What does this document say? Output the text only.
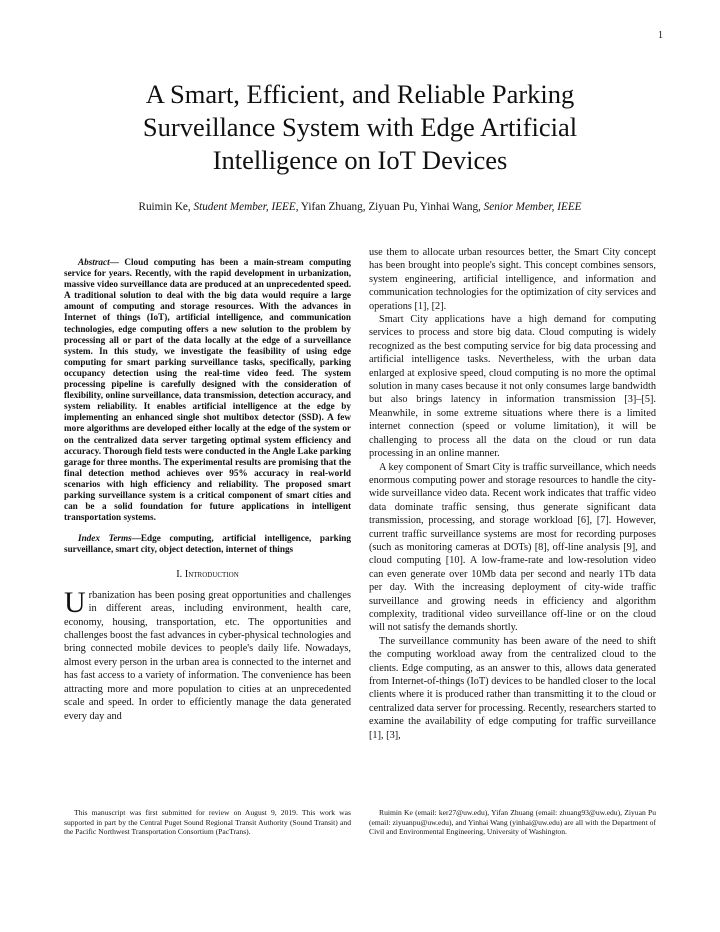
1
A Smart, Efficient, and Reliable Parking Surveillance System with Edge Artificial Intelligence on IoT Devices
Ruimin Ke, Student Member, IEEE, Yifan Zhuang, Ziyuan Pu, Yinhai Wang, Senior Member, IEEE

Abstract— Cloud computing has been a main-stream computing service for years. Recently, with the rapid development in urbanization, massive video surveillance data are produced at an unprecedented speed. A traditional solution to deal with the big data would require a large amount of computing and storage resources. With the advances in Internet of things (IoT), artificial intelligence, and communication technologies, edge computing offers a new solution to the problem by processing all or part of the data locally at the edge of a surveillance system. In this study, we investigate the feasibility of using edge computing for smart parking surveillance tasks, specifically, parking occupancy detection using the real-time video feed. The system processing pipeline is carefully designed with the consideration of flexibility, online surveillance, data transmission, detection accuracy, and system reliability. It enables artificial intelligence at the edge by implementing an enhanced single shot multibox detector (SSD). A few more algorithms are developed either locally at the edge of the system or on the centralized data server targeting optimal system efficiency and accuracy. Thorough field tests were conducted in the Angle Lake parking garage for three months. The experimental results are promising that the final detection method achieves over 95% accuracy in real-world scenarios with high efficiency and reliability. The proposed smart parking surveillance system is a critical component of smart cities and can be a solid foundation for future applications in intelligent transportation systems.

Index Terms—Edge computing, artificial intelligence, parking surveillance, smart city, object detection, internet of things

I. Introduction

Urbanization has been posing great opportunities and challenges in different areas, including environment, health care, economy, housing, transportation, etc. The opportunities and challenges boost the fast advances in cyber-physical technologies and bring connected mobile devices to people's daily life. Nowadays, almost every person in the urban area is connected to the internet and has fast access to a variety of information. The convenience has been attracting more and more population to cities at an unprecedented scale and speed. In order to efficiently manage the data generated every day and

use them to allocate urban resources better, the Smart City concept has been brought into people's sight. This concept combines sensors, system engineering, artificial intelligence, and information and communication technologies for the optimization of city services and operations [1], [2].

Smart City applications have a high demand for computing services to process and store big data. Cloud computing is widely recognized as the best computing service for big data processing and artificial intelligence tasks. Nevertheless, with the urban data enlarged at explosive speed, cloud computing is no more the optimal solution in many cases because it not only consumes large bandwidth but also brings latency in information transmission [3]–[5]. Meanwhile, in some extreme situations where there is a limited internet connection (speed or volume limitation), it will be challenging to process all the data on the cloud or run data processing in an online manner.

A key component of Smart City is traffic surveillance, which needs enormous computing power and storage resources to handle the city-wide surveillance video data. Recent work indicates that traffic video data dominate traffic sensing, thus generate significant data transmission, processing, and storage workload [6], [7]. However, current traffic surveillance systems are most for recording purposes (such as monitoring cameras at DOTs) [8], off-line analysis [9], and cloud computing [10]. A low-frame-rate and low-resolution video can even generate over 10Mb data per second and nearly 1Tb data per day. With the increasing deployment of city-wide traffic surveillance and growing needs in efficiency and algorithm complexity, traditional video surveillance off-line or on the cloud will not satisfy the demands shortly.

The surveillance community has been aware of the need to shift the computing workload away from the centralized cloud to the clients. Edge computing, as an answer to this, allows data generated from Internet-of-things (IoT) devices to be handled closer to the local clients where it is produced rather than transmitting it to the cloud or centralized data server for processing. Recently, researchers started to examine the availability of edge computing for traffic surveillance [1], [3],

This manuscript was first submitted for review on August 9, 2019. This work was supported in part by the Central Puget Sound Regional Transit Authority (Sound Transit) and the Pacific Northwest Transportation Consortium (PacTrans).

Ruimin Ke (email: ker27@uw.edu), Yifan Zhuang (email: zhuang93@uw.edu), Ziyuan Pu (email: ziyuanpu@uw.edu), and Yinhai Wang (yinhai@uw.edu) are all with the Department of Civil and Environmental Engineering, University of Washington.
